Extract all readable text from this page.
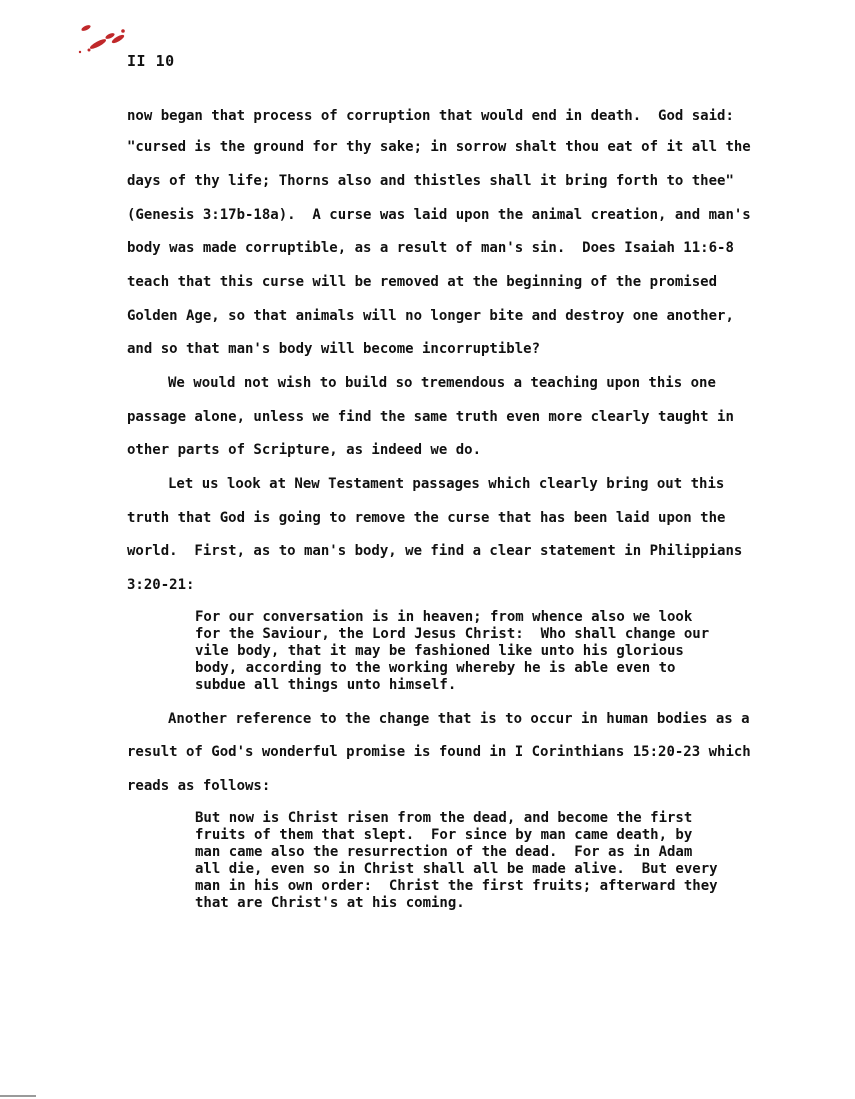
II 10
now began that process of corruption that would end in death.  God said:
"cursed is the ground for thy sake; in sorrow shalt thou eat of it all the
days of thy life; Thorns also and thistles shall it bring forth to thee"
(Genesis 3:17b-18a).  A curse was laid upon the animal creation, and man's
body was made corruptible, as a result of man's sin.  Does Isaiah 11:6-8
teach that this curse will be removed at the beginning of the promised
Golden Age, so that animals will no longer bite and destroy one another,
and so that man's body will become incorruptible?
We would not wish to build so tremendous a teaching upon this one
passage alone, unless we find the same truth even more clearly taught in
other parts of Scripture, as indeed we do.
Let us look at New Testament passages which clearly bring out this
truth that God is going to remove the curse that has been laid upon the
world.  First, as to man's body, we find a clear statement in Philippians
3:20-21:
For our conversation is in heaven; from whence also we look
for the Saviour, the Lord Jesus Christ:  Who shall change our
vile body, that it may be fashioned like unto his glorious
body, according to the working whereby he is able even to
subdue all things unto himself.
Another reference to the change that is to occur in human bodies as a
result of God's wonderful promise is found in I Corinthians 15:20-23 which
reads as follows:
But now is Christ risen from the dead, and become the first
fruits of them that slept.  For since by man came death, by
man came also the resurrection of the dead.  For as in Adam
all die, even so in Christ shall all be made alive.  But every
man in his own order:  Christ the first fruits; afterward they
that are Christ's at his coming.
